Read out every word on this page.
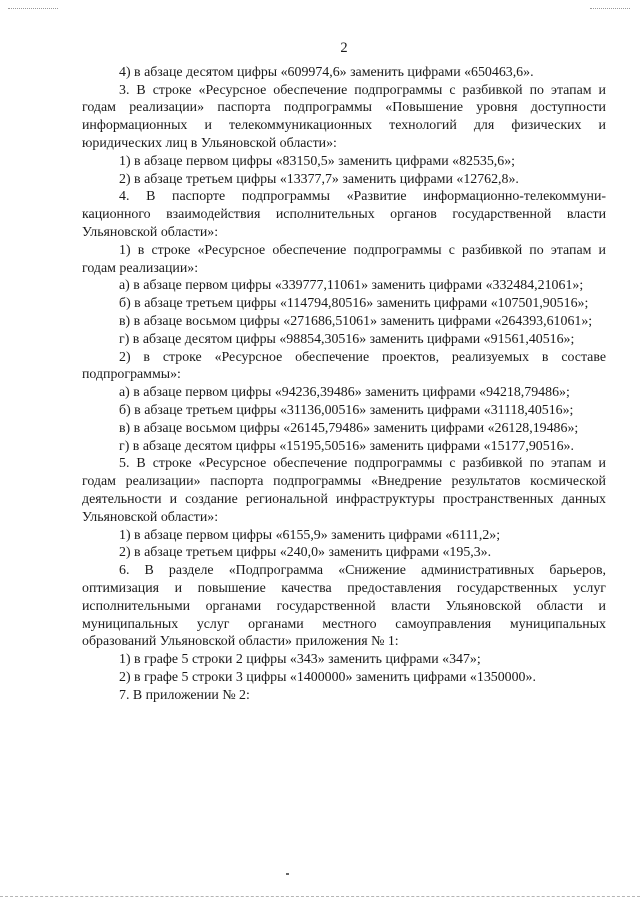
2

4) в абзаце десятом цифры «609974,6» заменить цифрами «650463,6».

3. В строке «Ресурсное обеспечение подпрограммы с разбивкой по этапам и годам реализации» паспорта подпрограммы «Повышение уровня доступности информационных и телекоммуникационных технологий для физических и юридических лиц в Ульяновской области»:

1) в абзаце первом цифры «83150,5» заменить цифрами «82535,6»;

2) в абзаце третьем цифры «13377,7» заменить цифрами «12762,8».

4. В паспорте подпрограммы «Развитие информационно-телекоммуни-кационного взаимодействия исполнительных органов государственной власти Ульяновской области»:

1) в строке «Ресурсное обеспечение подпрограммы с разбивкой по этапам и годам реализации»:

а) в абзаце первом цифры «339777,11061» заменить цифрами «332484,21061»;

б) в абзаце третьем цифры «114794,80516» заменить цифрами «107501,90516»;

в) в абзаце восьмом цифры «271686,51061» заменить цифрами «264393,61061»;

г) в абзаце десятом цифры «98854,30516» заменить цифрами «91561,40516»;

2) в строке «Ресурсное обеспечение проектов, реализуемых в составе подпрограммы»:

а) в абзаце первом цифры «94236,39486» заменить цифрами «94218,79486»;

б) в абзаце третьем цифры «31136,00516» заменить цифрами «31118,40516»;

в) в абзаце восьмом цифры «26145,79486» заменить цифрами «26128,19486»;

г) в абзаце десятом цифры «15195,50516» заменить цифрами «15177,90516».

5. В строке «Ресурсное обеспечение подпрограммы с разбивкой по этапам и годам реализации» паспорта подпрограммы «Внедрение результатов космической деятельности и создание региональной инфраструктуры пространственных данных Ульяновской области»:

1) в абзаце первом цифры «6155,9» заменить цифрами «6111,2»;

2) в абзаце третьем цифры «240,0» заменить цифрами «195,3».

6. В разделе «Подпрограмма «Снижение административных барьеров, оптимизация и повышение качества предоставления государственных услуг исполнительными органами государственной власти Ульяновской области и муниципальных услуг органами местного самоуправления муниципальных образований Ульяновской области» приложения № 1:

1) в графе 5 строки 2 цифры «343» заменить цифрами «347»;

2) в графе 5 строки 3 цифры «1400000» заменить цифрами «1350000».

7. В приложении № 2:
